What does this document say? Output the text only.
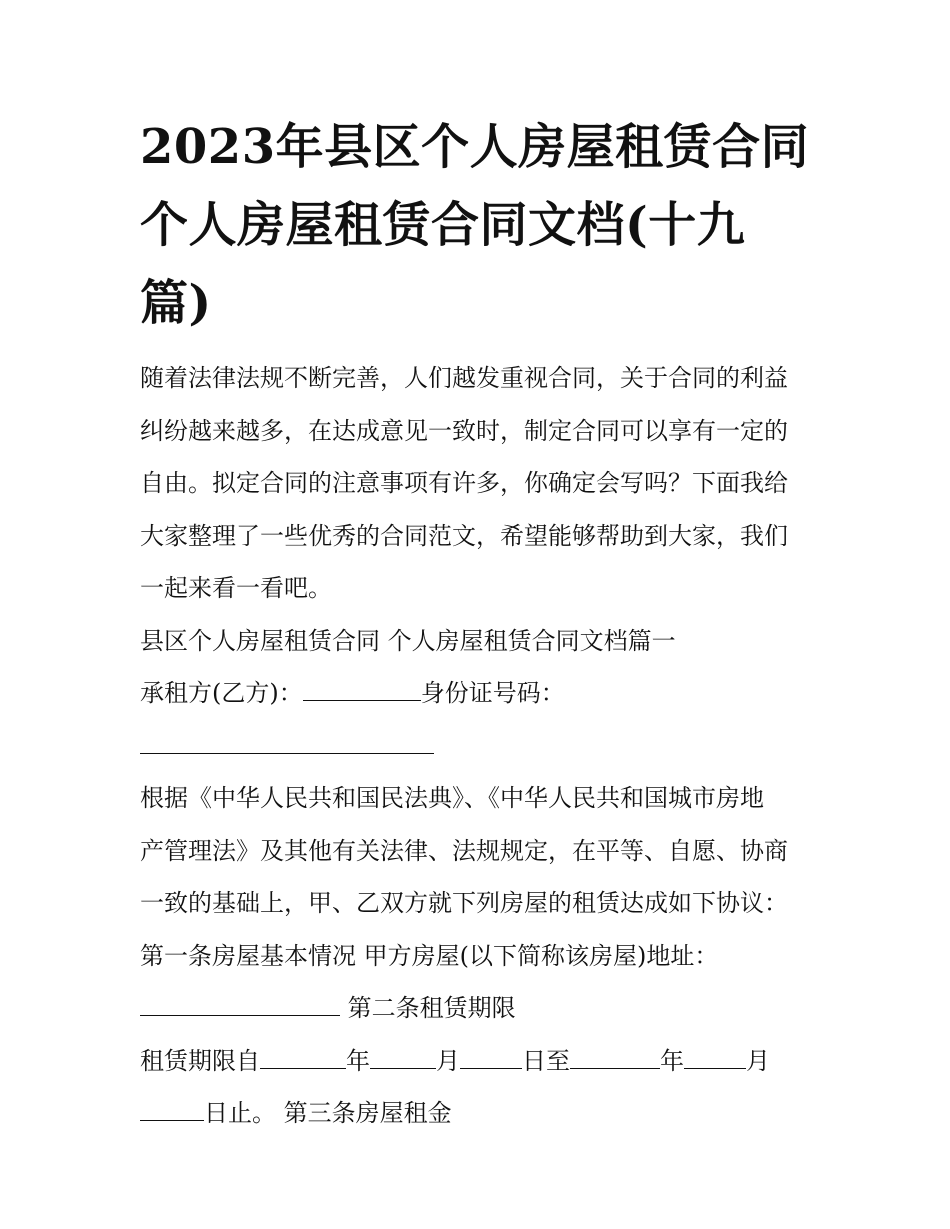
2023年县区个人房屋租赁合同
个人房屋租赁合同文档(十九
篇)
随着法律法规不断完善，人们越发重视合同，关于合同的利益
纠纷越来越多，在达成意见一致时，制定合同可以享有一定的
自由。拟定合同的注意事项有许多，你确定会写吗？下面我给
大家整理了一些优秀的合同范文，希望能够帮助到大家，我们
一起来看一看吧。
县区个人房屋租赁合同 个人房屋租赁合同文档篇一
承租方(乙方)：	身份证号码：
根据《中华人民共和国民法典》、《中华人民共和国城市房地
产管理法》及其他有关法律、法规规定，在平等、自愿、协商
一致的基础上，甲、乙双方就下列房屋的租赁达成如下协议：
第一条房屋基本情况 甲方房屋(以下简称该房屋)地址：
第二条租赁期限
租赁期限自	年	月	日至	年	月
日止。 第三条房屋租金
